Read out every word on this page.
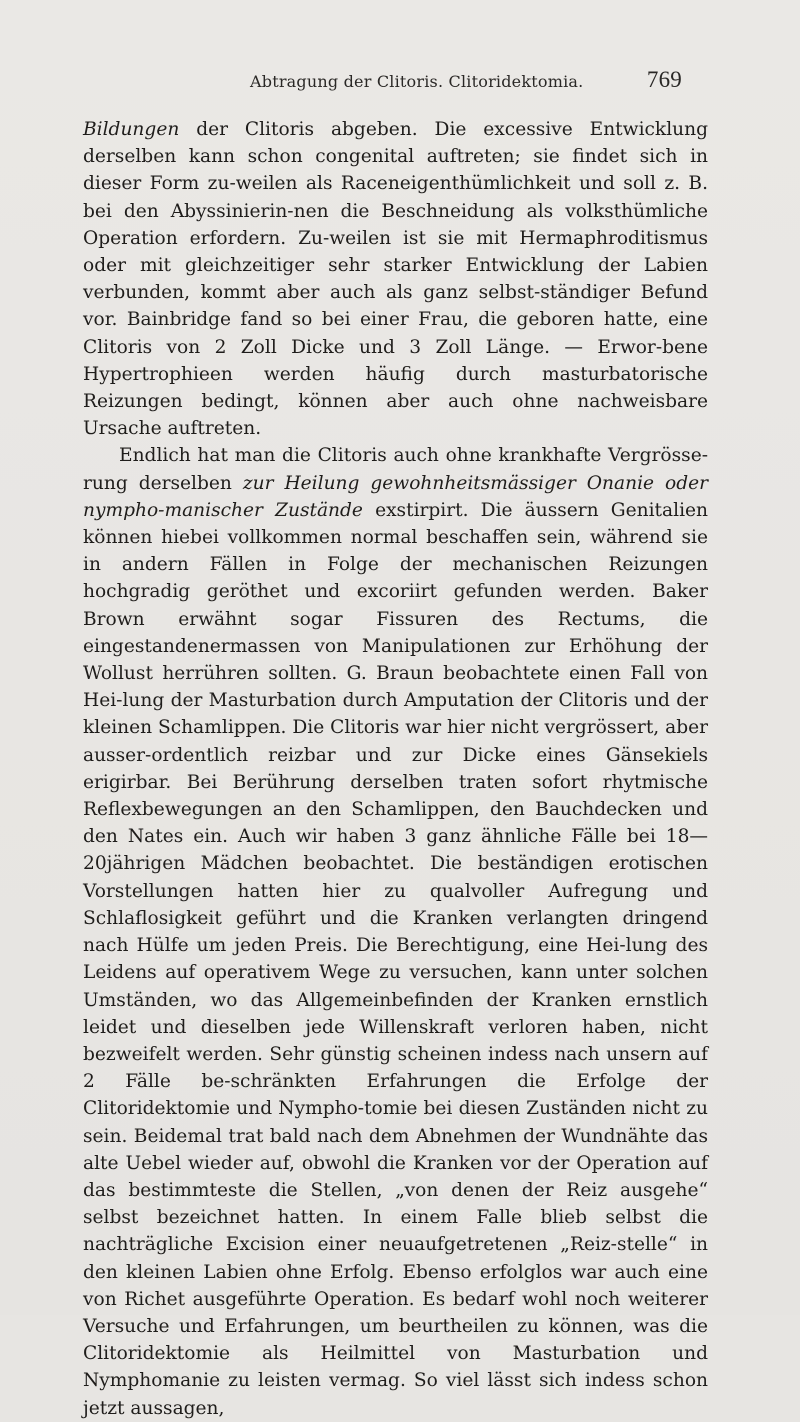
Abtragung der Clitoris. Clitoridektomia.	769

Bildungen der Clitoris abgeben. Die excessive Entwicklung derselben kann schon congenital auftreten; sie findet sich in dieser Form zu-weilen als Raceneigenthümlichkeit und soll z. B. bei den Abyssinierin-nen die Beschneidung als volksthümliche Operation erfordern. Zu-weilen ist sie mit Hermaphroditismus oder mit gleichzeitiger sehr starker Entwicklung der Labien verbunden, kommt aber auch als ganz selbst-ständiger Befund vor. Bainbridge fand so bei einer Frau, die geboren hatte, eine Clitoris von 2 Zoll Dicke und 3 Zoll Länge. — Erwor-bene Hypertrophieen werden häufig durch masturbatorische Reizungen bedingt, können aber auch ohne nachweisbare Ursache auftreten.

Endlich hat man die Clitoris auch ohne krankhafte Vergrösse-rung derselben zur Heilung gewohnheitsmässiger Onanie oder nympho-manischer Zustände exstirpirt. Die äussern Genitalien können hiebei vollkommen normal beschaffen sein, während sie in andern Fällen in Folge der mechanischen Reizungen hochgradig geröthet und excoriirt gefunden werden. Baker Brown erwähnt sogar Fissuren des Rectums, die eingestandenermassen von Manipulationen zur Erhöhung der Wollust herrühren sollten. G. Braun beobachtete einen Fall von Hei-lung der Masturbation durch Amputation der Clitoris und der kleinen Schamlippen. Die Clitoris war hier nicht vergrössert, aber ausser-ordentlich reizbar und zur Dicke eines Gänsekiels erigirbar. Bei Berührung derselben traten sofort rhytmische Reflexbewegungen an den Schamlippen, den Bauchdecken und den Nates ein. Auch wir haben 3 ganz ähnliche Fälle bei 18—20jährigen Mädchen beobachtet. Die beständigen erotischen Vorstellungen hatten hier zu qualvoller Aufregung und Schlaflosigkeit geführt und die Kranken verlangten dringend nach Hülfe um jeden Preis. Die Berechtigung, eine Hei-lung des Leidens auf operativem Wege zu versuchen, kann unter solchen Umständen, wo das Allgemeinbefinden der Kranken ernstlich leidet und dieselben jede Willenskraft verloren haben, nicht bezweifelt werden. Sehr günstig scheinen indess nach unsern auf 2 Fälle be-schränkten Erfahrungen die Erfolge der Clitoridektomie und Nympho-tomie bei diesen Zuständen nicht zu sein. Beidemal trat bald nach dem Abnehmen der Wundnähte das alte Uebel wieder auf, obwohl die Kranken vor der Operation auf das bestimmteste die Stellen, „von denen der Reiz ausgehe“ selbst bezeichnet hatten. In einem Falle blieb selbst die nachträgliche Excision einer neuaufgetretenen „Reiz-stelle“ in den kleinen Labien ohne Erfolg. Ebenso erfolglos war auch eine von Richet ausgeführte Operation. Es bedarf wohl noch weiterer Versuche und Erfahrungen, um beurtheilen zu können, was die Clitoridektomie als Heilmittel von Masturbation und Nymphomanie zu leisten vermag. So viel lässt sich indess schon jetzt aussagen,
